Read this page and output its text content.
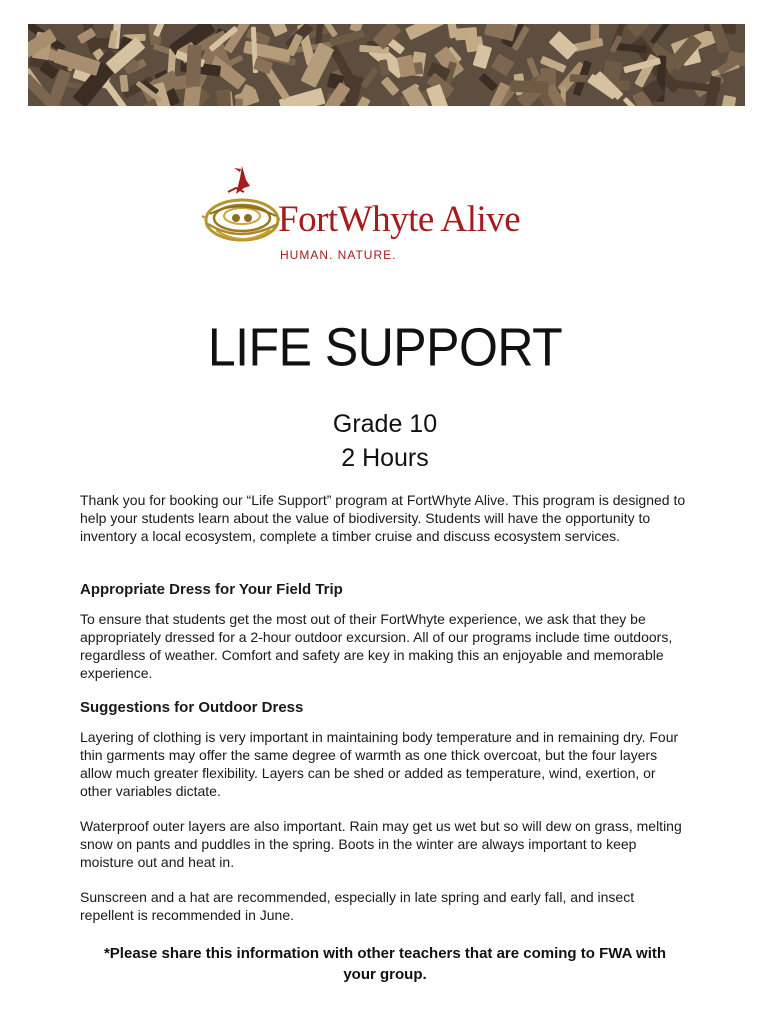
FortWhyte Alive
HUMAN. NATURE.
LIFE SUPPORT
Grade 10
2 Hours

Thank you for booking our “Life Support” program at FortWhyte Alive. This program is designed to help your students learn about the value of biodiversity. Students will have the opportunity to inventory a local ecosystem, complete a timber cruise and discuss ecosystem services.

Appropriate Dress for Your Field Trip

To ensure that students get the most out of their FortWhyte experience, we ask that they be appropriately dressed for a 2-hour outdoor excursion. All of our programs include time outdoors, regardless of weather. Comfort and safety are key in making this an enjoyable and memorable experience.

Suggestions for Outdoor Dress

Layering of clothing is very important in maintaining body temperature and in remaining dry. Four thin garments may offer the same degree of warmth as one thick overcoat, but the four layers allow much greater flexibility. Layers can be shed or added as temperature, wind, exertion, or other variables dictate.

Waterproof outer layers are also important. Rain may get us wet but so will dew on grass, melting snow on pants and puddles in the spring. Boots in the winter are always important to keep moisture out and heat in.

Sunscreen and a hat are recommended, especially in late spring and early fall, and insect repellent is recommended in June.

*Please share this information with other teachers that are coming to FWA with your group.
